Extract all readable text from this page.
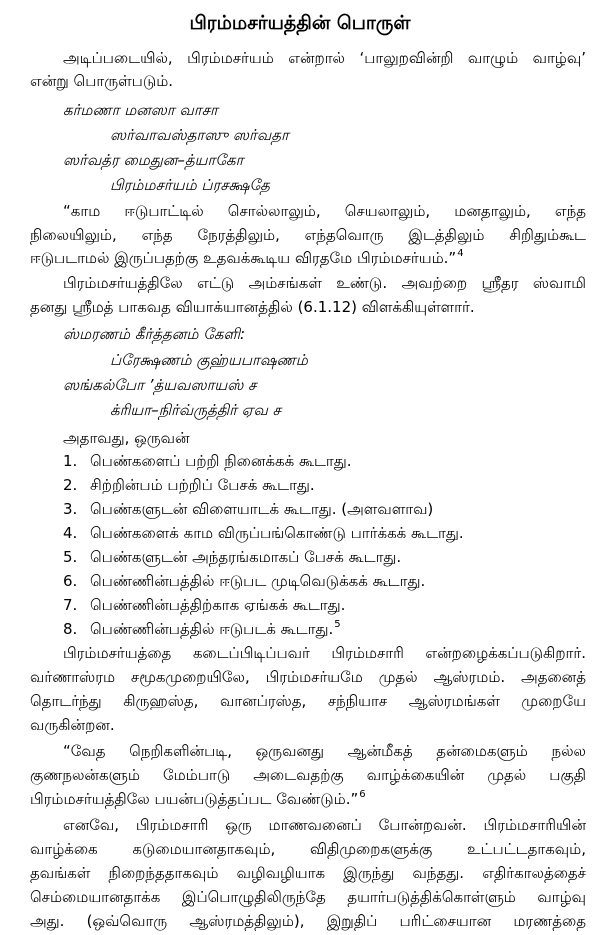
பிரம்மசர்யத்தின் பொருள்
அடிப்படையில், பிரம்மசர்யம் என்றால் ‘பாலுறவின்றி வாழும் வாழ்வு’
என்று பொருள்படும்.
கர்மணா மனஸா வாசா
ஸர்வாவஸ்தாஸு ஸர்வதா
ஸர்வத்ர மைதுன–த்யாகோ
பிரம்மசர்யம் ப்ரசக்ஷதே
“காம ஈடுபாட்டில் சொல்லாலும், செயலாலும், மனதாலும், எந்த
நிலையிலும், எந்த நேரத்திலும், எந்தவொரு இடத்திலும் சிறிதும்கூட
ஈடுபடாமல் இருப்பதற்கு உதவக்கூடிய விரதமே பிரம்மசர்யம்.”$^4$
பிரம்மசர்யத்திலே எட்டு அம்சங்கள் உண்டு. அவற்றை ஸ்ரீதர ஸ்வாமி
தனது ஸ்ரீமத் பாகவத வியாக்யானத்தில் (6.1.12) விளக்கியுள்ளார்.
ஸ்மரணம் கீர்த்தனம் கேளி:
ப்ரேக்ஷணம் குஹ்யபாஷணம்
ஸங்கல்போ ’த்யவஸாயஸ் ச
க்ரியா–நிர்வ்ருத்திர் ஏவ ச
அதாவது, ஒருவன்
1. பெண்களைப் பற்றி நினைக்கக் கூடாது.
2. சிற்றின்பம் பற்றிப் பேசக் கூடாது.
3. பெண்களுடன் விளையாடக் கூடாது. (அளவளாவ)
4. பெண்களைக் காம விருப்பங்கொண்டு பார்க்கக் கூடாது.
5. பெண்களுடன் அந்தரங்கமாகப் பேசக் கூடாது.
6. பெண்ணின்பத்தில் ஈடுபட முடிவெடுக்கக் கூடாது.
7. பெண்ணின்பத்திற்காக ஏங்கக் கூடாது.
8. பெண்ணின்பத்தில் ஈடுபடக் கூடாது.$^5$
பிரம்மசர்யத்தை கடைப்பிடிப்பவர் பிரம்மசாரி என்றழைக்கப்படுகிறார்.
வர்ணாஸ்ரம சமூகமுறையிலே, பிரம்மசர்யமே முதல் ஆஸ்ரமம். அதனைத்
தொடர்ந்து கிருஹஸ்த, வானப்ரஸ்த, சந்நியாச ஆஸ்ரமங்கள் முறையே
வருகின்றன.
“வேத நெறிகளின்படி, ஒருவனது ஆன்மீகத் தன்மைகளும் நல்ல
குணநலன்களும் மேம்பாடு அடைவதற்கு வாழ்க்கையின் முதல் பகுதி
பிரம்மசர்யத்திலே பயன்படுத்தப்பட வேண்டும்.”$^6$
எனவே, பிரம்மசாரி ஒரு மாணவனைப் போன்றவன். பிரம்மசாரியின்
வாழ்க்கை கடுமையானதாகவும், விதிமுறைகளுக்கு உட்பட்டதாகவும்,
தவங்கள் நிறைந்ததாகவும் வழிவழியாக இருந்து வந்தது. எதிர்காலத்தைச்
செம்மையானதாக்க இப்பொழுதிலிருந்தே தயார்படுத்திக்கொள்ளும் வாழ்வு
அது. (ஒவ்வொரு ஆஸ்ரமத்திலும்), இறுதிப் பரிட்சையான மரணத்தை
